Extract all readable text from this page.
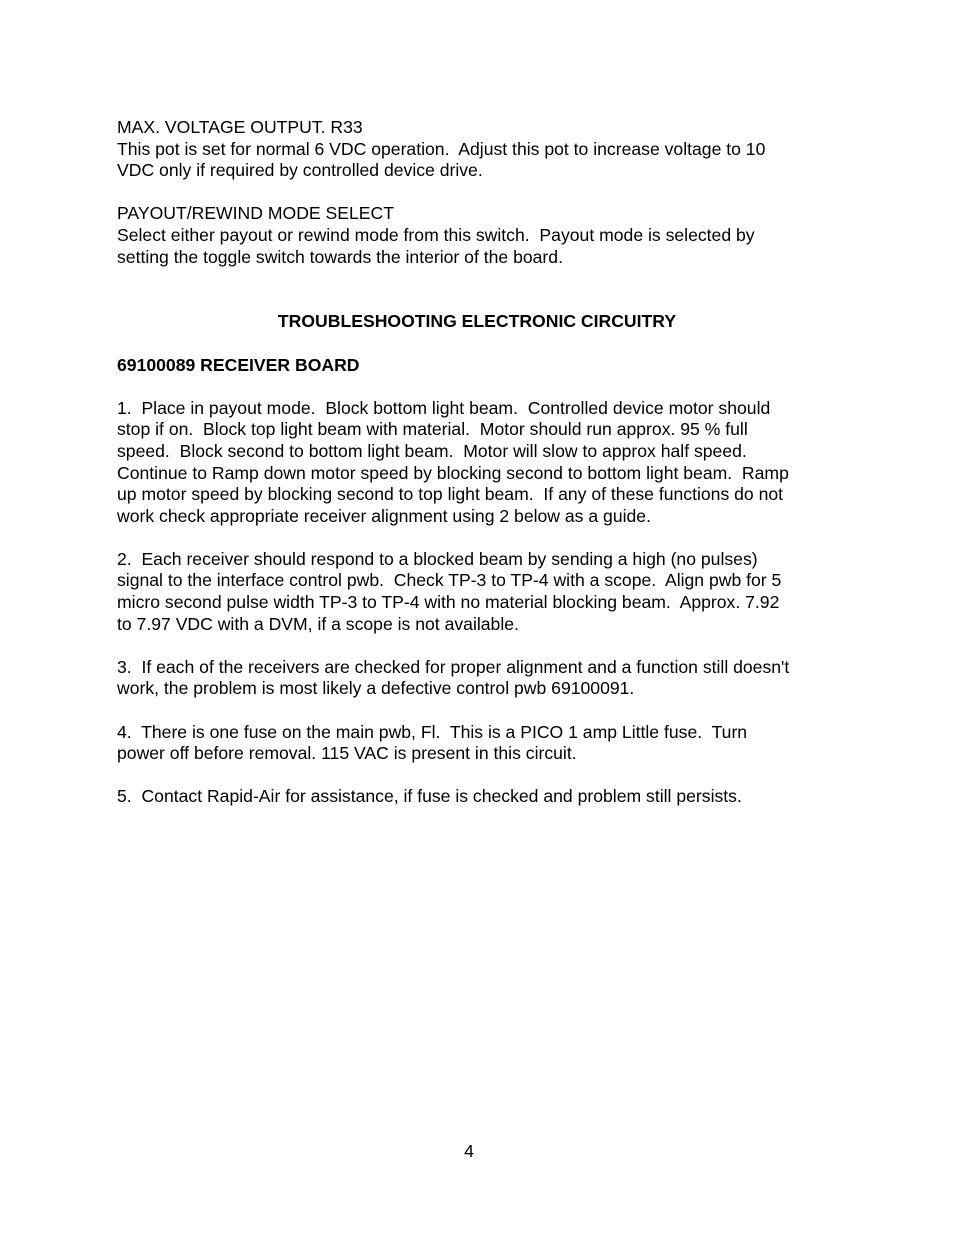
MAX. VOLTAGE OUTPUT. R33

This pot is set for normal 6 VDC operation.  Adjust this pot to increase voltage to 10
VDC only if required by controlled device drive.

PAYOUT/REWIND MODE SELECT

Select either payout or rewind mode from this switch.  Payout mode is selected by
setting the toggle switch towards the interior of the board.

TROUBLESHOOTING ELECTRONIC CIRCUITRY
69100089 RECEIVER BOARD

1.  Place in payout mode.  Block bottom light beam.  Controlled device motor should
stop if on.  Block top light beam with material.  Motor should run approx. 95 % full
speed.  Block second to bottom light beam.  Motor will slow to approx half speed.
Continue to Ramp down motor speed by blocking second to bottom light beam.  Ramp
up motor speed by blocking second to top light beam.  If any of these functions do not
work check appropriate receiver alignment using 2 below as a guide.

2.  Each receiver should respond to a blocked beam by sending a high (no pulses)
signal to the interface control pwb.  Check TP-3 to TP-4 with a scope.  Align pwb for 5
micro second pulse width TP-3 to TP-4 with no material blocking beam.  Approx. 7.92
to 7.97 VDC with a DVM, if a scope is not available.

3.  If each of the receivers are checked for proper alignment and a function still doesn't
work, the problem is most likely a defective control pwb 69100091.

4.  There is one fuse on the main pwb, Fl.  This is a PICO 1 amp Little fuse.  Turn
power off before removal. 115 VAC is present in this circuit.

5.  Contact Rapid-Air for assistance, if fuse is checked and problem still persists.

4
